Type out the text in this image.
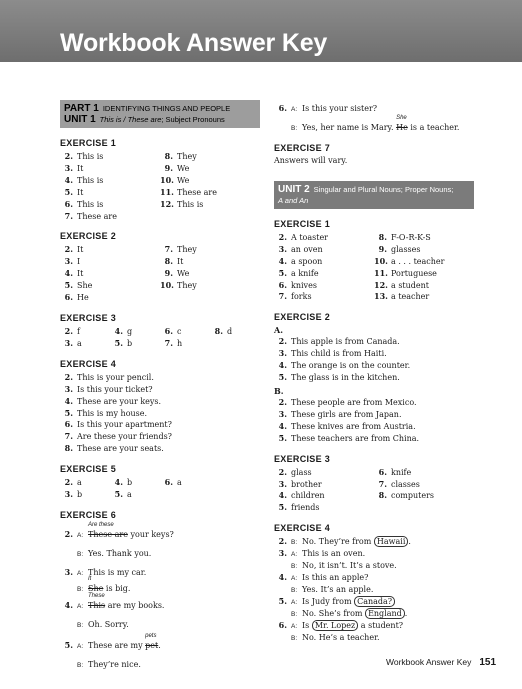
Workbook Answer Key
PART 1 IDENTIFYING THINGS AND PEOPLE
UNIT 1 This is / These are; Subject Pronouns
EXERCISE 1
2. This is	8. They
3. It	9. We
4. This is	10. We
5. It	11. These are
6. This is	12. This is
7. These are
EXERCISE 2
2. It	7. They
3. I	8. It
4. It	9. We
5. She	10. They
6. He
EXERCISE 3
2. f	4. g	6. c	8. d
3. a	5. b	7. h
EXERCISE 4
2. This is your pencil.
3. Is this your ticket?
4. These are your keys.
5. This is my house.
6. Is this your apartment?
7. Are these your friends?
8. These are your seats.
EXERCISE 5
2. a	4. b	6. a
3. b	5. a
EXERCISE 6
2. A:
Are these
These are your keys?
B: Yes. Thank you.
3. A: This is my car.
B:
It
She is big.
4. A:
These
This are my books.
B: Oh. Sorry.
5. A: These are my
pets
pet.
B: They’re nice.
6. A: Is this your sister?
B: Yes, her name is Mary.
She
He is a teacher.
EXERCISE 7
Answers will vary.
UNIT 2 Singular and Plural Nouns; Proper Nouns;
A and An
EXERCISE 1
2. A toaster	8. F-O-R-K-S
3. an oven	9. glasses
4. a spoon	10. a . . . teacher
5. a knife	11. Portuguese
6. knives	12. a student
7. forks	13. a teacher
EXERCISE 2
A.
2. This apple is from Canada.
3. This child is from Haiti.
4. The orange is on the counter.
5. The glass is in the kitchen.
B.
2. These people are from Mexico.
3. These girls are from Japan.
4. These knives are from Austria.
5. These teachers are from China.
EXERCISE 3
2. glass	6. knife
3. brother	7. classes
4. children	8. computers
5. friends
EXERCISE 4
2. B: No. They’re from Hawaii .
3. A: This is an oven.
B: No, it isn’t. It’s a stove.
4. A: Is this an apple?
B: Yes. It’s an apple.
5. A: Is Judy from Canada?
B: No. She’s from England .
6. A: Is Mr. Lopez a student?
B: No. He’s a teacher.
Workbook Answer Key 151
